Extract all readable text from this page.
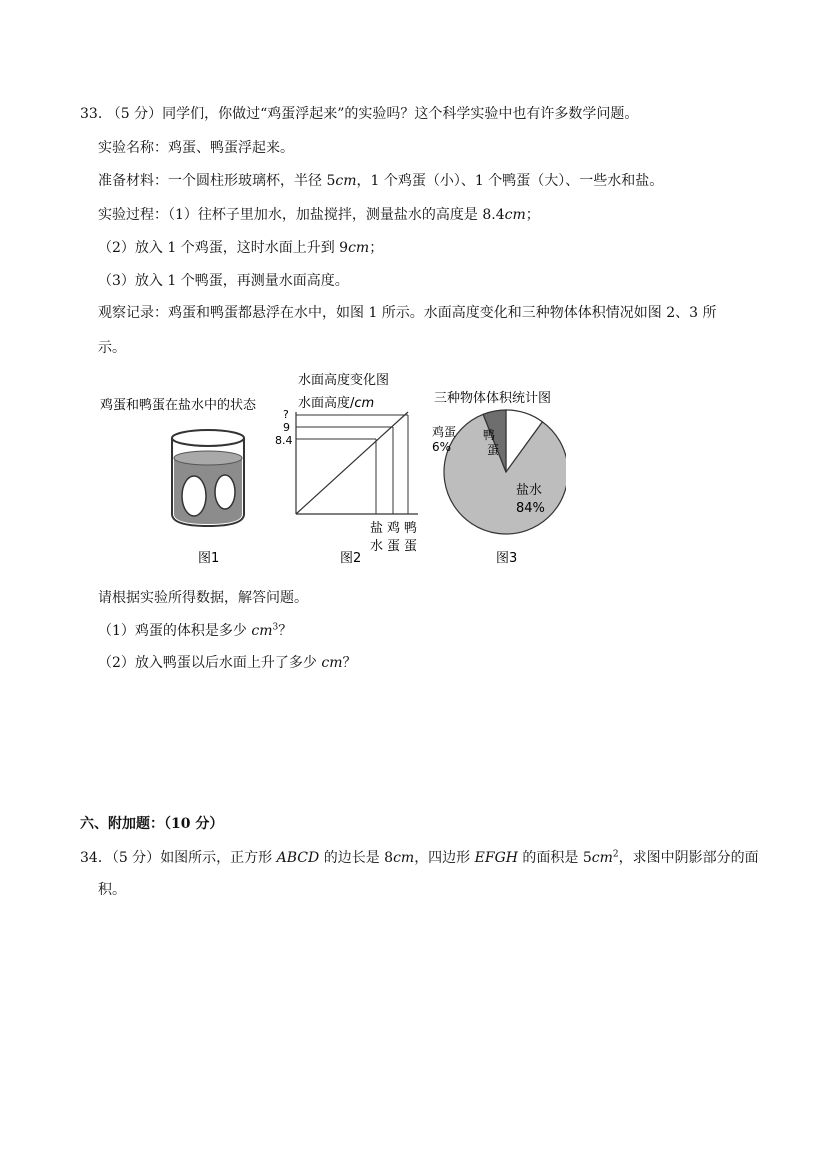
33. （5 分）同学们，你做过“鸡蛋浮起来”的实验吗？这个科学实验中也有许多数学问题。
实验名称：鸡蛋、鸭蛋浮起来。
准备材料：一个圆柱形玻璃杯，半径 5cm，1 个鸡蛋（小）、1 个鸭蛋（大）、一些水和盐。
实验过程：（1）往杯子里加水，加盐搅拌，测量盐水的高度是 8.4cm；
（2）放入 1 个鸡蛋，这时水面上升到 9cm；
（3）放入 1 个鸭蛋，再测量水面高度。
观察记录：鸡蛋和鸭蛋都悬浮在水中，如图 1 所示。水面高度变化和三种物体体积情况如图 2、3 所
示。
鸡蛋和鸭蛋在盐水中的状态
图1
水面高度变化图
水面高度/cm
?
9
8.4
盐
水
鸡
蛋
鸭
蛋
图2
三种物体体积统计图
鸡蛋
6%
鸭
蛋
盐水
84%
图3
请根据实验所得数据，解答问题。
（1）鸡蛋的体积是多少 $cm^3$？
（2）放入鸭蛋以后水面上升了多少 cm？
六、附加题：（10 分）
34．（5 分）如图所示，正方形 ABCD 的边长是 8cm，四边形 EFGH 的面积是 $5cm^2$，求图中阴影部分的面
积。
